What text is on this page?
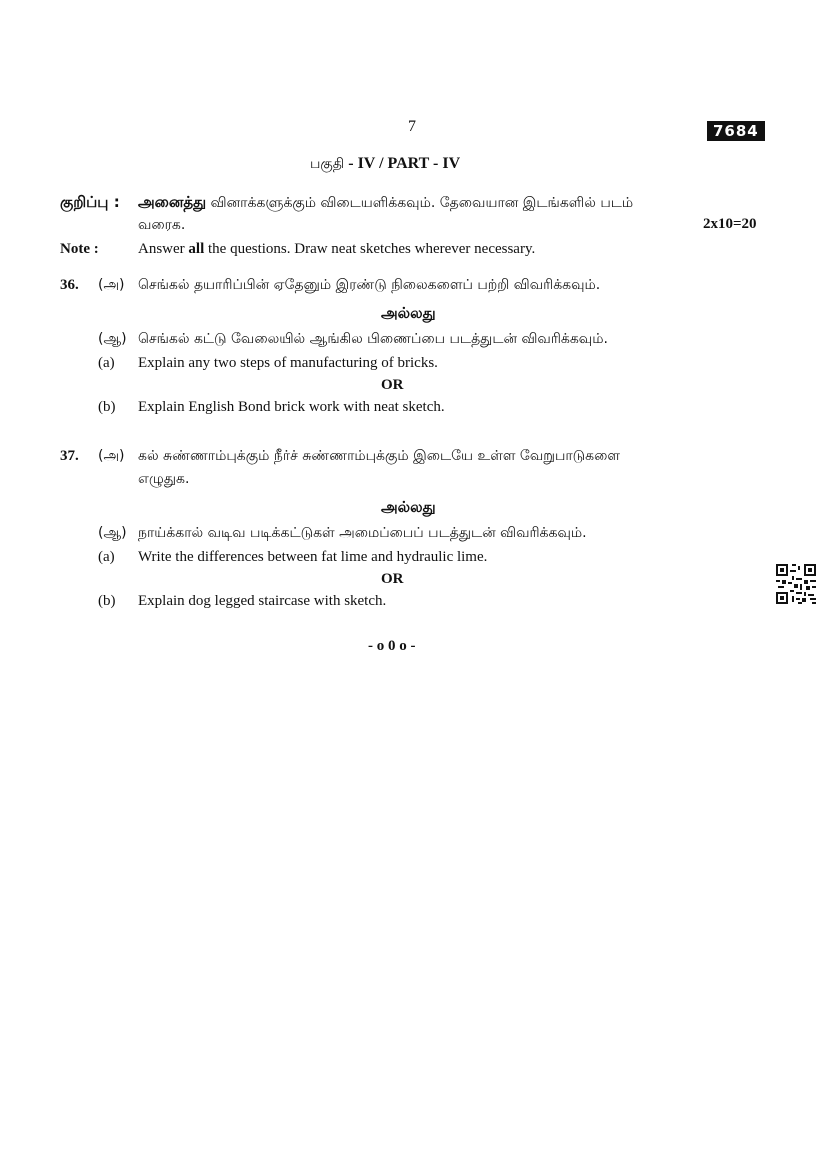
7	7684
பகுதி - IV / PART - IV
குறிப்பு : அனைத்து வினாக்களுக்கும் விடையளிக்கவும். தேவையான இடங்களில் படம்
வரைக.	2x10=20
Note :	Answer all the questions. Draw neat sketches wherever necessary.
36. (அ) செங்கல் தயாரிப்பின் ஏதேனும் இரண்டு நிலைகளைப் பற்றி விவரிக்கவும்.
அல்லது
(ஆ) செங்கல் கட்டு வேலையில் ஆங்கில பிணைப்பை படத்துடன் விவரிக்கவும்.
(a) Explain any two steps of manufacturing of bricks.
OR
(b) Explain English Bond brick work with neat sketch.
37. (அ) கல் சுண்ணாம்புக்கும் நீர்ச் சுண்ணாம்புக்கும் இடையே உள்ள வேறுபாடுகளை
எழுதுக.
அல்லது
(ஆ) நாய்க்கால் வடிவ படிக்கட்டுகள் அமைப்பைப் படத்துடன் விவரிக்கவும்.
(a) Write the differences between fat lime and hydraulic lime.
OR
(b) Explain dog legged staircase with sketch.
- o 0 o -
